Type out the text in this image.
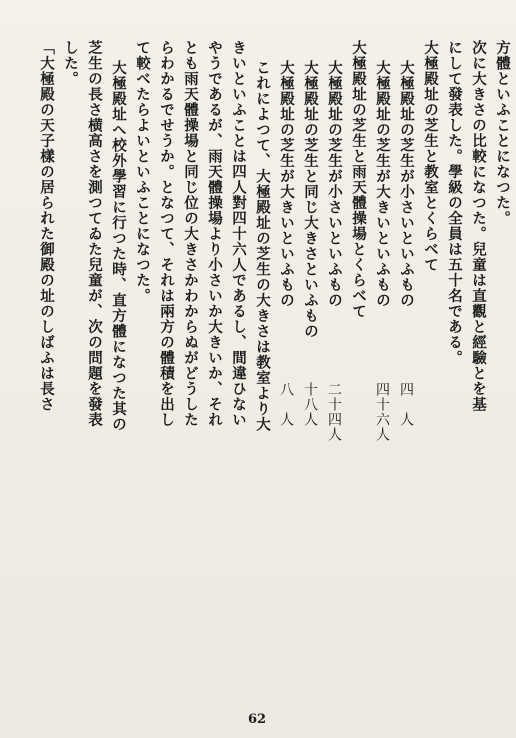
方體といふことになつた。
次に大きさの比較になつた。兒童は直觀と經驗とを基
にして發表した。學級の全員は五十名である。
大極殿址の芝生と教室とくらべて
大極殿址の芝生が小さいといふもの
大極殿址の芝生が大きいといふもの
大極殿址の芝生と雨天體操場とくらべて
大極殿址の芝生が小さいといふもの
大極殿址の芝生と同じ大きさといふもの
大極殿址の芝生が大きいといふもの
これによつて、大極殿址の芝生の大きさは教室より大
きいといふことは四人對四十六人であるし、間違ひない
やうであるが、雨天體操場より小さいか大きいか、それ
とも雨天體操場と同じ位の大きさかわからぬがどうした
らわかるでせうか。となつて、それは兩方の體積を出し
て較べたらよいといふことになつた。
大極殿址へ校外學習に行つた時、直方體になつた其の
芝生の長さ横高さを測つてゐた兒童が、次の問題を發表
した。
「大極殿の天子樣の居られた御殿の址のしばふは長さ	四　人
四十六人
二十四人
十八人
八　人
62
